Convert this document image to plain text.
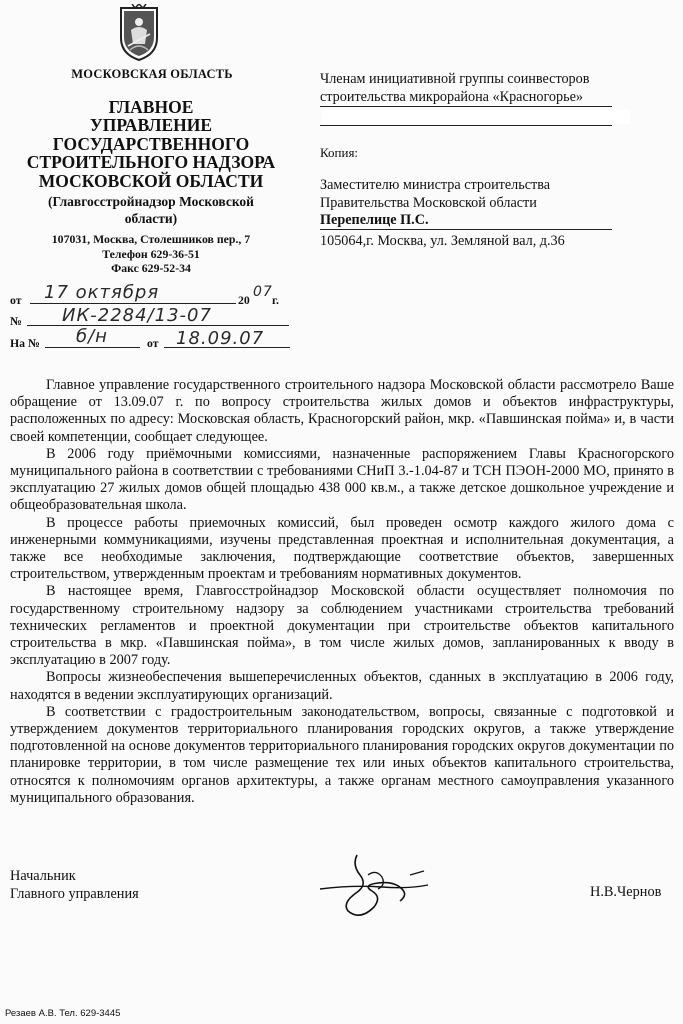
МОСКОВСКАЯ ОБЛАСТЬ
ГЛАВНОЕ
УПРАВЛЕНИЕ
ГОСУДАРСТВЕННОГО
СТРОИТЕЛЬНОГО НАДЗОРА
МОСКОВСКОЙ ОБЛАСТИ
(Главгосстройнадзор Московской
области)
107031, Москва, Столешников пер., 7
Телефон 629-36-51
Факс 629-52-34
от 17 октября	20 07 г.
№ ИК-2284/13-07
На № б/н	от 18.09.07
Членам инициативной группы соинвесторов
строительства микрорайона «Красногорье»
Копия:
Заместителю министра строительства
Правительства Московской области
Перепелице П.С.
105064,г. Москва, ул. Земляной вал, д.36

Главное управление государственного строительного надзора Московской области рассмотрело Ваше обращение от 13.09.07 г. по вопросу строительства жилых домов и объектов инфраструктуры, расположенных по адресу: Московская область, Красногорский район, мкр. «Павшинская пойма» и, в части своей компетенции, сообщает следующее.

В 2006 году приёмочными комиссиями, назначенные распоряжением Главы Красногорского муниципального района в соответствии с требованиями СНиП 3.-1.04-87 и ТСН ПЭОН-2000 МО, принято в эксплуатацию 27 жилых домов общей площадью 438 000 кв.м., а также детское дошкольное учреждение и общеобразовательная школа.

В процессе работы приемочных комиссий, был проведен осмотр каждого жилого дома с инженерными коммуникациями, изучены представленная проектная и исполнительная документация, а также все необходимые заключения, подтверждающие соответствие объектов, завершенных строительством, утвержденным проектам и требованиям нормативных документов.

В настоящее время, Главгосстройнадзор Московской области осуществляет полномочия по государственному строительному надзору за соблюдением участниками строительства требований технических регламентов и проектной документации при строительстве объектов капитального строительства в мкр. «Павшинская пойма», в том числе жилых домов, запланированных к вводу в эксплуатацию в 2007 году.

Вопросы жизнеобеспечения вышеперечисленных объектов, сданных в эксплуатацию в 2006 году, находятся в ведении эксплуатирующих организаций.

В соответствии с градостроительным законодательством, вопросы, связанные с подготовкой и утверждением документов территориального планирования городских округов, а также утверждение подготовленной на основе документов территориального планирования городских округов документации по планировке территории, в том числе размещение тех или иных объектов капитального строительства, относятся к полномочиям органов архитектуры, а также органам местного самоуправления указанного муниципального образования.

Начальник
Главного управления	Н.В.Чернов
Резаев А.В. Тел. 629-3445
